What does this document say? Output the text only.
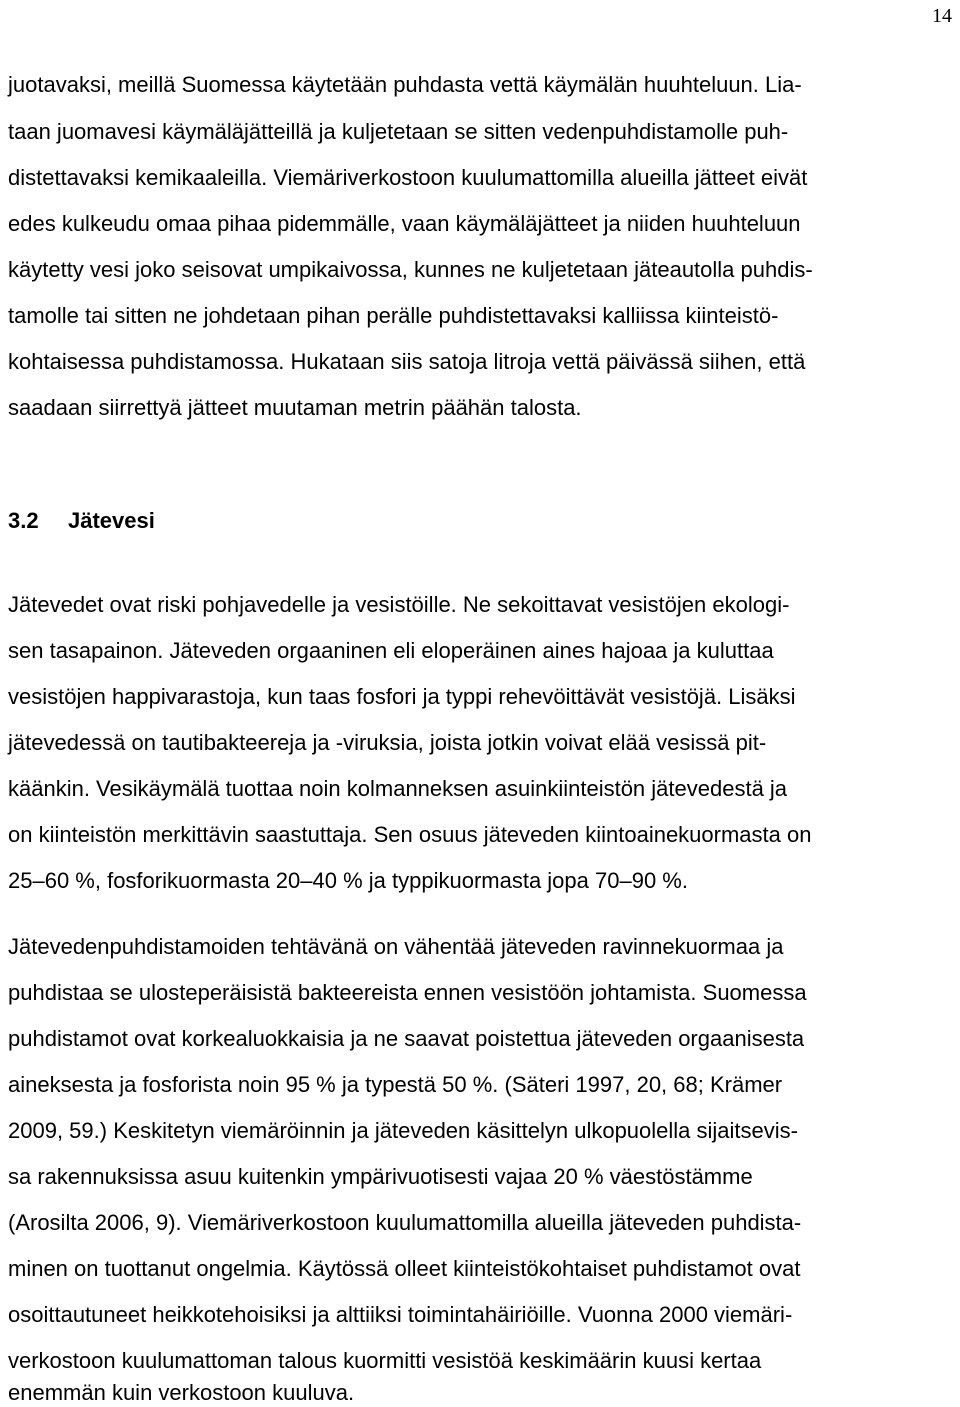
14
juotavaksi, meillä Suomessa käytetään puhdasta vettä käymälän huuhteluun. Lia-
taan juomavesi käymäläjätteillä ja kuljetetaan se sitten vedenpuhdistamolle puh-
distettavaksi kemikaaleilla. Viemäriverkostoon kuulumattomilla alueilla jätteet eivät
edes kulkeudu omaa pihaa pidemmälle, vaan käymäläjätteet ja niiden huuhteluun
käytetty vesi joko seisovat umpikaivossa, kunnes ne kuljetetaan jäteautolla puhdis-
tamolle tai sitten ne johdetaan pihan perälle puhdistettavaksi kalliissa kiinteistö-
kohtaisessa puhdistamossa. Hukataan siis satoja litroja vettä päivässä siihen, että
saadaan siirrettyä jätteet muutaman metrin päähän talosta.
Jätevedet ovat riski pohjavedelle ja vesistöille. Ne sekoittavat vesistöjen ekologi-
sen tasapainon. Jäteveden orgaaninen eli eloperäinen aines hajoaa ja kuluttaa
vesistöjen happivarastoja, kun taas fosfori ja typpi rehevöittävät vesistöjä. Lisäksi
jätevedessä on tautibakteereja ja -viruksia, joista jotkin voivat elää vesissä pit-
käänkin. Vesikäymälä tuottaa noin kolmanneksen asuinkiinteistön jätevedestä ja
on kiinteistön merkittävin saastuttaja. Sen osuus jäteveden kiintoainekuormasta on
25–60 %, fosforikuormasta 20–40 % ja typpikuormasta jopa 70–90 %.
Jätevedenpuhdistamoiden tehtävänä on vähentää jäteveden ravinnekuormaa ja
puhdistaa se ulosteperäisistä bakteereista ennen vesistöön johtamista. Suomessa
puhdistamot ovat korkealuokkaisia ja ne saavat poistettua jäteveden orgaanisesta
aineksesta ja fosforista noin 95 % ja typestä 50 %. (Säteri 1997, 20, 68; Krämer
2009, 59.) Keskitetyn viemäröinnin ja jäteveden käsittelyn ulkopuolella sijaitsevis-
sa rakennuksissa asuu kuitenkin ympärivuotisesti vajaa 20 % väestöstämme
(Arosilta 2006, 9). Viemäriverkostoon kuulumattomilla alueilla jäteveden puhdista-
minen on tuottanut ongelmia. Käytössä olleet kiinteistökohtaiset puhdistamot ovat
osoittautuneet heikkotehoisiksi ja alttiiksi toimintahäiriöille. Vuonna 2000 viemäri-
verkostoon kuulumattoman talous kuormitti vesistöä keskimäärin kuusi kertaa
enemmän kuin verkostoon kuuluva.
3.2 Jätevesi
